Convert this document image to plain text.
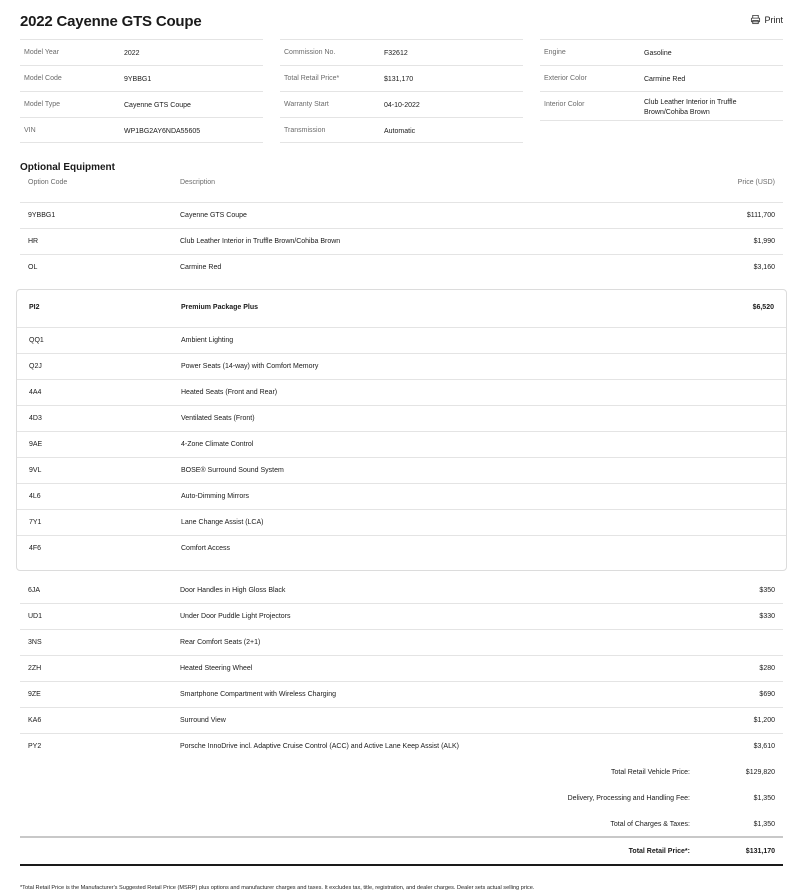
2022 Cayenne GTS Coupe	Print
Model Year	2022
Model Code	9YBBG1
Model Type	Cayenne GTS Coupe
VIN	WP1BG2AY6NDA55605
Commission No.	F32612
Total Retail Price*	$131,170
Warranty Start	04-10-2022
Transmission	Automatic
Engine	Gasoline
Exterior Color	Carmine Red
Interior Color	Club Leather Interior in Truffle Brown/Cohiba Brown
Optional Equipment
Option Code	Description	Price (USD)
9YBBG1	Cayenne GTS Coupe	$111,700
HR	Club Leather Interior in Truffle Brown/Cohiba Brown	$1,990
OL	Carmine Red	$3,160
PI2	Premium Package Plus	$6,520
QQ1	Ambient Lighting
Q2J	Power Seats (14-way) with Comfort Memory
4A4	Heated Seats (Front and Rear)
4D3	Ventilated Seats (Front)
9AE	4-Zone Climate Control
9VL	BOSE® Surround Sound System
4L6	Auto-Dimming Mirrors
7Y1	Lane Change Assist (LCA)
4F6	Comfort Access
6JA	Door Handles in High Gloss Black	$350
UD1	Under Door Puddle Light Projectors	$330
3NS	Rear Comfort Seats (2+1)
2ZH	Heated Steering Wheel	$280
9ZE	Smartphone Compartment with Wireless Charging	$690
KA6	Surround View	$1,200
PY2	Porsche InnoDrive incl. Adaptive Cruise Control (ACC) and Active Lane Keep Assist (ALK)	$3,610
Total Retail Vehicle Price:	$129,820
Delivery, Processing and Handling Fee:	$1,350
Total of Charges & Taxes:	$1,350
Total Retail Price*:	$131,170
*Total Retail Price is the Manufacturer's Suggested Retail Price (MSRP) plus options and manufacturer charges and taxes. It excludes tax, title, registration, and dealer charges. Dealer sets actual selling price.
